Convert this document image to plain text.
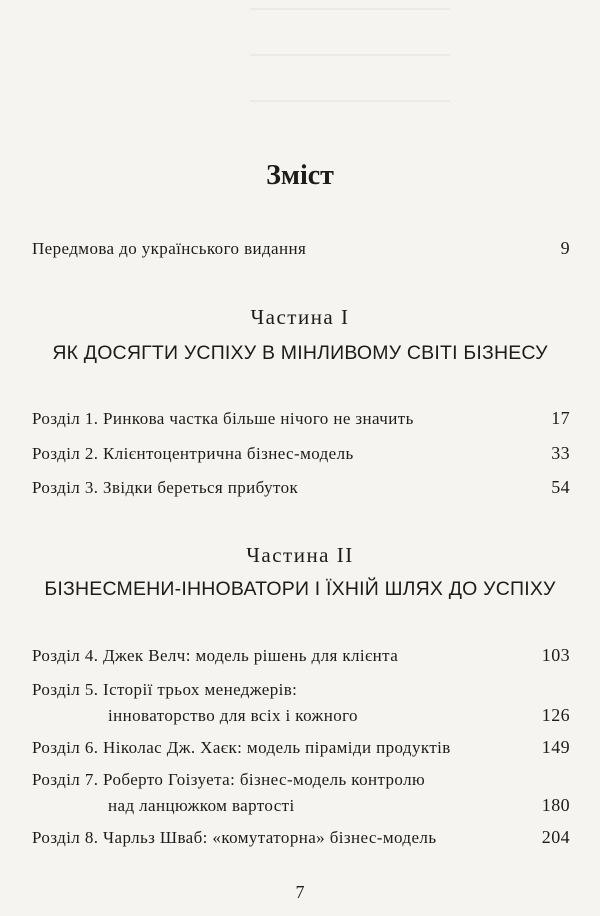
Зміст
Передмова до українського видання	9
Частина I
ЯК ДОСЯГТИ УСПІХУ В МІНЛИВОМУ СВІТІ БІЗНЕСУ
Розділ 1. Ринкова частка більше нічого не значить	17
Розділ 2. Клієнтоцентрична бізнес-модель	33
Розділ 3. Звідки береться прибуток	54
Частина II
БІЗНЕСМЕНИ-ІННОВАТОРИ І ЇХНІЙ ШЛЯХ ДО УСПІХУ
Розділ 4. Джек Велч: модель рішень для клієнта	103
Розділ 5. Історії трьох менеджерів:
інноваторство для всіх і кожного	126
Розділ 6. Ніколас Дж. Хаєк: модель піраміди продуктів	149
Розділ 7. Роберто Гоізуета: бізнес-модель контролю
над ланцюжком вартості	180
Розділ 8. Чарльз Шваб: «комутаторна» бізнес-модель	204
7
